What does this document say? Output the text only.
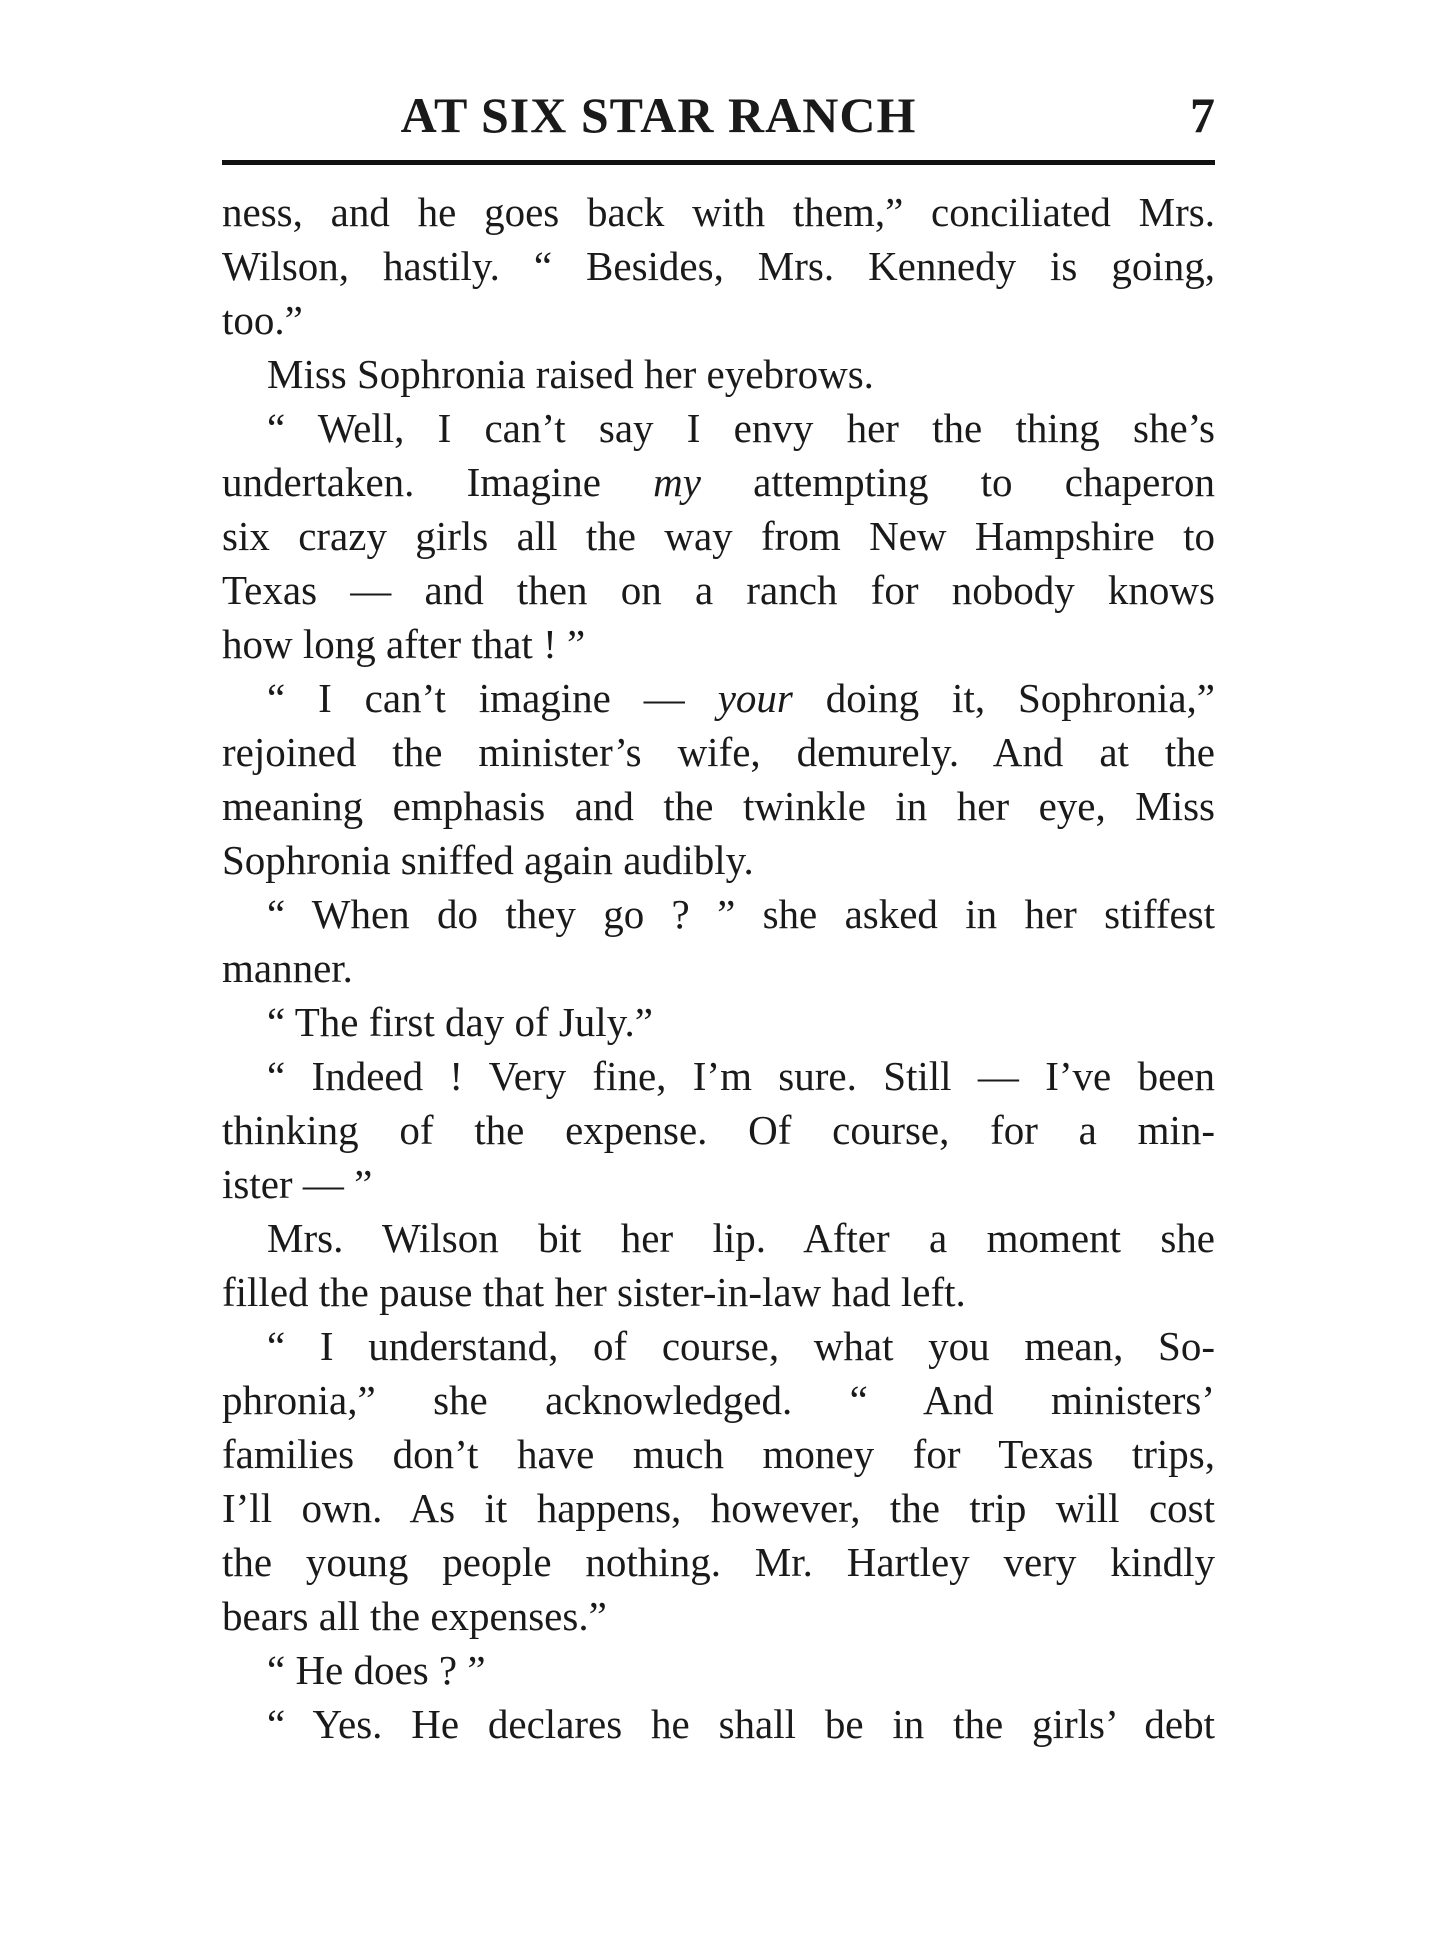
AT SIX STAR RANCH	7
ness, and he goes back with them,” conciliated Mrs.
Wilson, hastily. “ Besides, Mrs. Kennedy is going,
too.”
Miss Sophronia raised her eyebrows.
“ Well, I can’t say I envy her the thing she’s
undertaken. Imagine my attempting to chaperon
six crazy girls all the way from New Hampshire to
Texas — and then on a ranch for nobody knows
how long after that ! ”
“ I can’t imagine — your doing it, Sophronia,”
rejoined the minister’s wife, demurely. And at the
meaning emphasis and the twinkle in her eye, Miss
Sophronia sniffed again audibly.
“ When do they go ? ” she asked in her stiffest
manner.
“ The first day of July.”
“ Indeed ! Very fine, I’m sure. Still — I’ve been
thinking of the expense. Of course, for a min-
ister — ”
Mrs. Wilson bit her lip. After a moment she
filled the pause that her sister-in-law had left.
“ I understand, of course, what you mean, So-
phronia,” she acknowledged. “ And ministers’
families don’t have much money for Texas trips,
I’ll own. As it happens, however, the trip will cost
the young people nothing. Mr. Hartley very kindly
bears all the expenses.”
“ He does ? ”
“ Yes. He declares he shall be in the girls’ debt
